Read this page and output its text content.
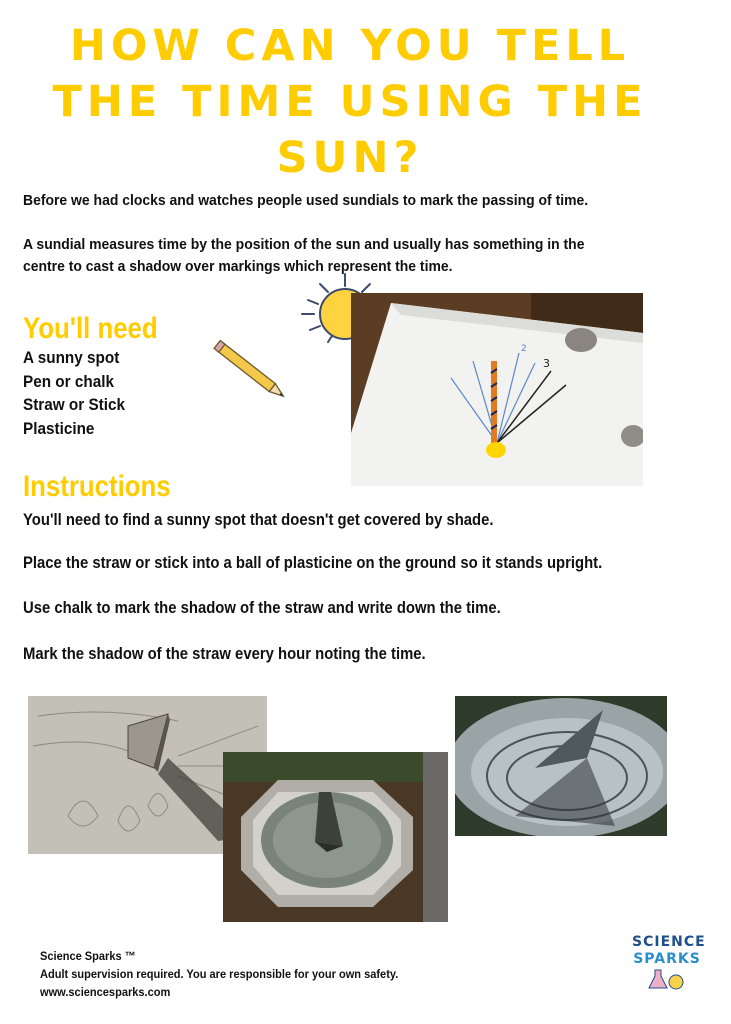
HOW CAN YOU TELL
THE TIME USING THE
SUN?

Before we had clocks and watches people used sundials to mark the passing of time.

A sundial measures time by the position of the sun and usually has something in the centre to cast a shadow over markings which represent the time.

2
3
You'll need
A sunny spot
Pen or chalk
Straw or Stick
Plasticine
Instructions

You'll need to find a sunny spot that doesn't get covered by shade.

Place the straw or stick into a ball of plasticine on the ground so it stands upright.

Use chalk to mark the shadow of the straw and write down the time.

Mark the shadow of the straw every hour noting the time.

Science Sparks ™
Adult supervision required. You are responsible for your own safety.
www.sciencesparks.com
SCIENCE
SPARKS
